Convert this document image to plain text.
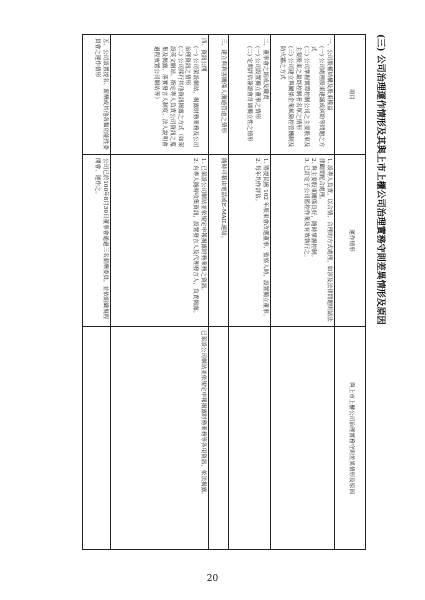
(三) 公司治理運作情形及其與上市上櫃公司治理實務守則差異情形及原因
項目	運作情形	與上市上櫃公司治理實務守則差異情形及原因

一、公司股權結構及股東權益
(一) 公司處理股東建議或糾紛等問題之方式
(二) 公司掌握實際控制公司之主要股東及主要股東之最終控制者名單之情形
(三) 公司建立與關係企業風險控管機制及防火牆之方式	1. 設專人負責，以合情、合理的方式處理，如涉及法律問題則請法律顧問配合處理。
2. 與主要股東關係良好，隨時掌握控制。
3. 已訂定子公司監控作業及有效執行之。	

二、董事會之組成及職責
(一) 公司設置獨立董事之情形
(二) 定期評估簽證會計師獨立性之情形	1. 將提民國 102 年股東會改選董事、監察人時，設置獨立董事。
2. 每年均作評估。	

三、建立與利害關係人溝通管道之情形	隨時可藉由電話或E-MAIL連絡。	

四、資訊公開
(一) 公司架設網站，揭露財務業務及公司治理資訊之情形
(二) 公司採行其他資訊揭露之方式（如架設英文網站、指定專人負責公司資訊之蒐集及揭露、落實發言人制度、法人說明會過程放置公司網站等）	1. 已架設公司網站並依規定申報揭露財務業務之資訊。
2. 有專人隨時收集資訊，設置發言人及代理發言人，負責揭露。	已架設公司網站並依規定申報揭露財務業務等各項資訊，依法揭露。

五、公司設置提名、薪酬或其他各類功能性委員會之運作情形	公司已於100年8月30日董事會通過三名薪酬委員，並依組織規程開會、運作之。	

20
